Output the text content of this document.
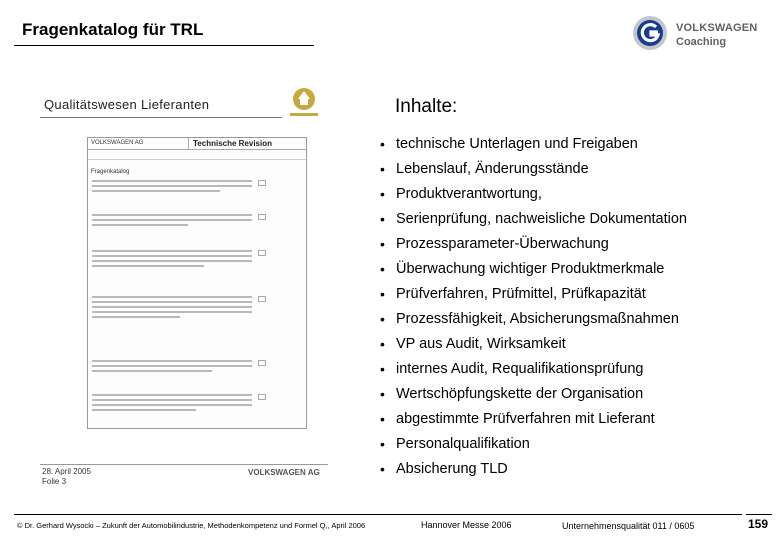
Fragenkatalog für TRL	VOLKSWAGEN
Coaching
Qualitätswesen Lieferanten
VOLKSWAGEN AG	Technische Revision
Fragenkatalog
28. April 2005
Folie 3
VOLKSWAGEN AG
Inhalte:
• technische Unterlagen und Freigaben
• Lebenslauf, Änderungsstände
• Produktverantwortung,
• Serienprüfung, nachweisliche Dokumentation
• Prozessparameter-Überwachung
• Überwachung wichtiger Produktmerkmale
• Prüfverfahren, Prüfmittel, Prüfkapazität
• Prozessfähigkeit, Absicherungsmaßnahmen
• VP aus Audit, Wirksamkeit
• internes Audit, Requalifikationsprüfung
• Wertschöpfungskette der Organisation
• abgestimmte Prüfverfahren mit Lieferant
• Personalqualifikation
• Absicherung TLD
© Dr. Gerhard Wysocki – Zukunft der Automobilindustrie, Methodenkompetenz und Formel Q,, April 2006	Hannover Messe 2006	Unternehmensqualität 011 / 0605	159
